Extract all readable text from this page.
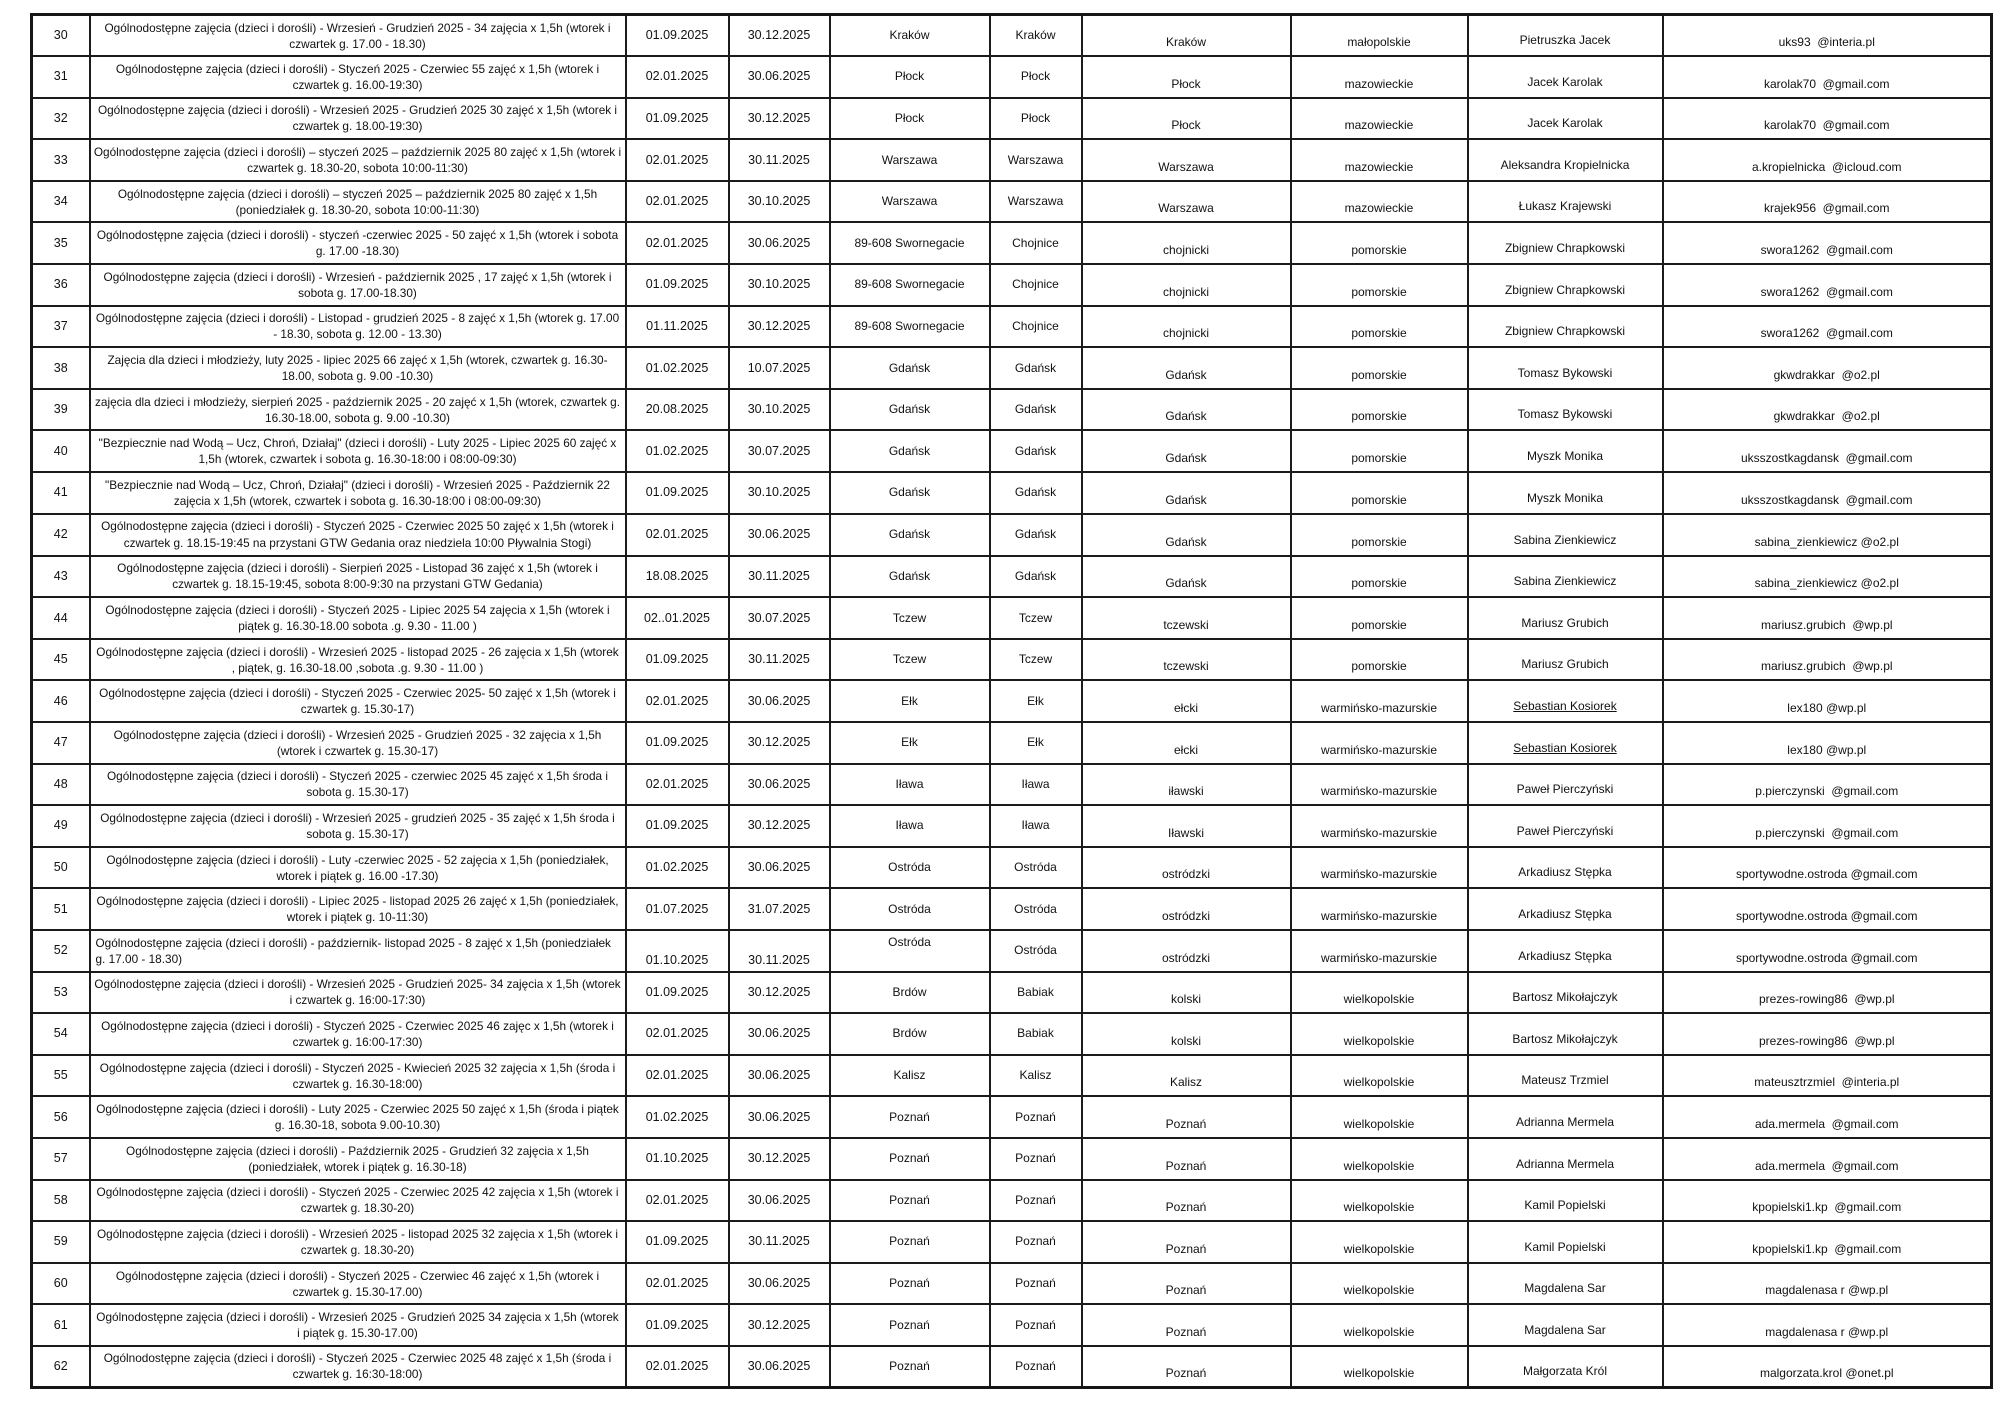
30	Ogólnodostępne zajęcia (dzieci i dorośli) - Wrzesień - Grudzień 2025 - 34 zajęcia x 1,5h (wtorek i czwartek g. 17.00 - 18.30)	01.09.2025	30.12.2025	Kraków	Kraków	Kraków	małopolskie	Pietruszka Jacek	uks93  @interia.pl

31	Ogólnodostępne zajęcia (dzieci i dorośli) - Styczeń 2025 - Czerwiec 55 zajęć x 1,5h (wtorek i czwartek g. 16.00-19:30)	02.01.2025	30.06.2025	Płock	Płock	Płock	mazowieckie	Jacek Karolak	karolak70  @gmail.com

32	Ogólnodostępne zajęcia (dzieci i dorośli) - Wrzesień 2025 - Grudzień 2025 30 zajęć x 1,5h (wtorek i czwartek g. 18.00-19:30)	01.09.2025	30.12.2025	Płock	Płock	Płock	mazowieckie	Jacek Karolak	karolak70  @gmail.com

33	Ogólnodostępne zajęcia (dzieci i dorośli) – styczeń 2025 – październik 2025 80 zajęć x 1,5h (wtorek i czwartek g. 18.30-20, sobota 10:00-11:30)	02.01.2025	30.11.2025	Warszawa	Warszawa	Warszawa	mazowieckie	Aleksandra Kropielnicka	a.kropielnicka  @icloud.com

34	Ogólnodostępne zajęcia (dzieci i dorośli) – styczeń 2025 – październik 2025 80 zajęć x 1,5h (poniedziałek g. 18.30-20, sobota 10:00-11:30)	02.01.2025	30.10.2025	Warszawa	Warszawa	Warszawa	mazowieckie	Łukasz Krajewski	krajek956  @gmail.com

35	Ogólnodostępne zajęcia (dzieci i dorośli) - styczeń -czerwiec 2025 - 50 zajęć x 1,5h (wtorek i sobota g. 17.00 -18.30)	02.01.2025	30.06.2025	89-608 Swornegacie	Chojnice	chojnicki	pomorskie	Zbigniew Chrapkowski	swora1262  @gmail.com

36	Ogólnodostępne zajęcia (dzieci i dorośli) - Wrzesień - październik 2025 , 17 zajęć x 1,5h (wtorek i sobota g. 17.00-18.30)	01.09.2025	30.10.2025	89-608 Swornegacie	Chojnice	chojnicki	pomorskie	Zbigniew Chrapkowski	swora1262  @gmail.com

37	Ogólnodostępne zajęcia (dzieci i dorośli) - Listopad - grudzień 2025 - 8 zajęć x 1,5h (wtorek g. 17.00 - 18.30, sobota g. 12.00 - 13.30)	01.11.2025	30.12.2025	89-608 Swornegacie	Chojnice	chojnicki	pomorskie	Zbigniew Chrapkowski	swora1262  @gmail.com

38	Zajęcia dla dzieci i młodzieży, luty 2025 - lipiec 2025 66 zajęć x 1,5h (wtorek, czwartek g. 16.30-18.00, sobota g. 9.00 -10.30)	01.02.2025	10.07.2025	Gdańsk	Gdańsk	Gdańsk	pomorskie	Tomasz Bykowski	gkwdrakkar  @o2.pl

39	zajęcia dla dzieci i młodzieży, sierpień 2025 - październik 2025 - 20 zajęć x 1,5h (wtorek, czwartek g. 16.30-18.00, sobota g. 9.00 -10.30)	20.08.2025	30.10.2025	Gdańsk	Gdańsk	Gdańsk	pomorskie	Tomasz Bykowski	gkwdrakkar  @o2.pl

40	"Bezpiecznie nad Wodą – Ucz, Chroń, Działaj" (dzieci i dorośli) - Luty 2025 - Lipiec 2025 60 zajęć x 1,5h (wtorek, czwartek i sobota g. 16.30-18:00 i 08:00-09:30)	01.02.2025	30.07.2025	Gdańsk	Gdańsk	Gdańsk	pomorskie	Myszk Monika	uksszostkagdansk  @gmail.com

41	"Bezpiecznie nad Wodą – Ucz, Chroń, Działaj" (dzieci i dorośli) - Wrzesień 2025 - Październik 22 zajęcia x 1,5h (wtorek, czwartek i sobota g. 16.30-18:00 i 08:00-09:30)	01.09.2025	30.10.2025	Gdańsk	Gdańsk	Gdańsk	pomorskie	Myszk Monika	uksszostkagdansk  @gmail.com

42	Ogólnodostępne zajęcia (dzieci i dorośli) - Styczeń 2025 - Czerwiec 2025 50 zajęć x 1,5h (wtorek i czwartek g. 18.15-19:45 na przystani GTW Gedania oraz niedziela 10:00 Pływalnia Stogi)	02.01.2025	30.06.2025	Gdańsk	Gdańsk	Gdańsk	pomorskie	Sabina Zienkiewicz	sabina_zienkiewicz @o2.pl

43	Ogólnodostępne zajęcia (dzieci i dorośli) - Sierpień 2025 - Listopad 36 zajęć x 1,5h (wtorek i czwartek g. 18.15-19:45, sobota 8:00-9:30 na przystani GTW Gedania)	18.08.2025	30.11.2025	Gdańsk	Gdańsk	Gdańsk	pomorskie	Sabina Zienkiewicz	sabina_zienkiewicz @o2.pl

44	Ogólnodostępne zajęcia (dzieci i dorośli) - Styczeń 2025 - Lipiec 2025 54 zajęcia x 1,5h (wtorek i piątek g. 16.30-18.00 sobota .g. 9.30 - 11.00 )	02..01.2025	30.07.2025	Tczew	Tczew	tczewski	pomorskie	Mariusz Grubich	mariusz.grubich  @wp.pl

45	Ogólnodostępne zajęcia (dzieci i dorośli) - Wrzesień 2025 - listopad 2025 - 26 zajęcia x 1,5h (wtorek , piątek, g. 16.30-18.00 ,sobota .g. 9.30 - 11.00 )	01.09.2025	30.11.2025	Tczew	Tczew	tczewski	pomorskie	Mariusz Grubich	mariusz.grubich  @wp.pl

46	Ogólnodostępne zajęcia (dzieci i dorośli) - Styczeń 2025 - Czerwiec 2025- 50 zajęć x 1,5h (wtorek i czwartek g. 15.30-17)	02.01.2025	30.06.2025	Ełk	Ełk	ełcki	warmińsko-mazurskie	Sebastian Kosiorek	lex180 @wp.pl

47	Ogólnodostępne zajęcia (dzieci i dorośli) - Wrzesień 2025 - Grudzień 2025 - 32 zajęcia x 1,5h (wtorek i czwartek g. 15.30-17)	01.09.2025	30.12.2025	Ełk	Ełk	ełcki	warmińsko-mazurskie	Sebastian Kosiorek	lex180 @wp.pl

48	Ogólnodostępne zajęcia (dzieci i dorośli) - Styczeń 2025 - czerwiec 2025 45 zajęć x 1,5h środa i sobota g. 15.30-17)	02.01.2025	30.06.2025	Iława	Iława	iławski	warmińsko-mazurskie	Paweł Pierczyński	p.pierczynski  @gmail.com

49	Ogólnodostępne zajęcia (dzieci i dorośli) - Wrzesień 2025 - grudzień 2025 - 35 zajęć x 1,5h środa i sobota g. 15.30-17)	01.09.2025	30.12.2025	Iława	Iława	Iławski	warmińsko-mazurskie	Paweł Pierczyński	p.pierczynski  @gmail.com

50	Ogólnodostępne zajęcia (dzieci i dorośli) - Luty -czerwiec 2025 - 52 zajęcia x 1,5h (poniedziałek, wtorek i piątek g. 16.00 -17.30)	01.02.2025	30.06.2025	Ostróda	Ostróda	ostródzki	warmińsko-mazurskie	Arkadiusz Stępka	sportywodne.ostroda @gmail.com

51	Ogólnodostępne zajęcia (dzieci i dorośli) - Lipiec 2025 - listopad 2025 26 zajęć x 1,5h (poniedziałek, wtorek i piątek g. 10-11:30)	01.07.2025	31.07.2025	Ostróda	Ostróda	ostródzki	warmińsko-mazurskie	Arkadiusz Stępka	sportywodne.ostroda @gmail.com

52	Ogólnodostępne zajęcia (dzieci i dorośli) - październik- listopad 2025 - 8 zajęć x 1,5h (poniedziałek g. 17.00 - 18.30)	01.10.2025	30.11.2025	Ostróda	Ostróda	ostródzki	warmińsko-mazurskie	Arkadiusz Stępka	sportywodne.ostroda @gmail.com

53	Ogólnodostępne zajęcia (dzieci i dorośli) - Wrzesień 2025 - Grudzień 2025- 34 zajęcia x 1,5h (wtorek i czwartek g. 16:00-17:30)	01.09.2025	30.12.2025	Brdów	Babiak	kolski	wielkopolskie	Bartosz Mikołajczyk	prezes-rowing86  @wp.pl

54	Ogólnodostępne zajęcia (dzieci i dorośli) - Styczeń 2025 - Czerwiec 2025 46 zajęc x 1,5h (wtorek i czwartek g. 16:00-17:30)	02.01.2025	30.06.2025	Brdów	Babiak	kolski	wielkopolskie	Bartosz Mikołajczyk	prezes-rowing86  @wp.pl

55	Ogólnodostępne zajęcia (dzieci i dorośli) - Styczeń 2025 - Kwiecień 2025 32 zajęcia x 1,5h (środa i czwartek g. 16.30-18:00)	02.01.2025	30.06.2025	Kalisz	Kalisz	Kalisz	wielkopolskie	Mateusz Trzmiel	mateusztrzmiel  @interia.pl

56	Ogólnodostępne zajęcia (dzieci i dorośli) - Luty 2025 - Czerwiec 2025 50 zajęć x 1,5h (środa i piątek g. 16.30-18, sobota 9.00-10.30)	01.02.2025	30.06.2025	Poznań	Poznań	Poznań	wielkopolskie	Adrianna Mermela	ada.mermela  @gmail.com

57	Ogólnodostępne zajęcia (dzieci i dorośli) - Październik 2025 - Grudzień 32 zajęcia x 1,5h (poniedziałek, wtorek i piątek g. 16.30-18)	01.10.2025	30.12.2025	Poznań	Poznań	Poznań	wielkopolskie	Adrianna Mermela	ada.mermela  @gmail.com

58	Ogólnodostępne zajęcia (dzieci i dorośli) - Styczeń 2025 - Czerwiec 2025 42 zajęcia x 1,5h (wtorek i czwartek g. 18.30-20)	02.01.2025	30.06.2025	Poznań	Poznań	Poznań	wielkopolskie	Kamil Popielski	kpopielski1.kp  @gmail.com

59	Ogólnodostępne zajęcia (dzieci i dorośli) - Wrzesień 2025 - listopad 2025 32 zajęcia x 1,5h (wtorek i czwartek g. 18.30-20)	01.09.2025	30.11.2025	Poznań	Poznań	Poznań	wielkopolskie	Kamil Popielski	kpopielski1.kp  @gmail.com

60	Ogólnodostępne zajęcia (dzieci i dorośli) - Styczeń 2025 - Czerwiec 46 zajęć x 1,5h (wtorek i czwartek g. 15.30-17.00)	02.01.2025	30.06.2025	Poznań	Poznań	Poznań	wielkopolskie	Magdalena Sar	magdalenasa r @wp.pl

61	Ogólnodostępne zajęcia (dzieci i dorośli) - Wrzesień 2025 - Grudzień 2025 34 zajęcia x 1,5h (wtorek i piątek g. 15.30-17.00)	01.09.2025	30.12.2025	Poznań	Poznań	Poznań	wielkopolskie	Magdalena Sar	magdalenasa r @wp.pl

62	Ogólnodostępne zajęcia (dzieci i dorośli) - Styczeń 2025 - Czerwiec 2025 48 zajęć x 1,5h (środa i czwartek g. 16:30-18:00)	02.01.2025	30.06.2025	Poznań	Poznań	Poznań	wielkopolskie	Małgorzata Król	malgorzata.krol @onet.pl
